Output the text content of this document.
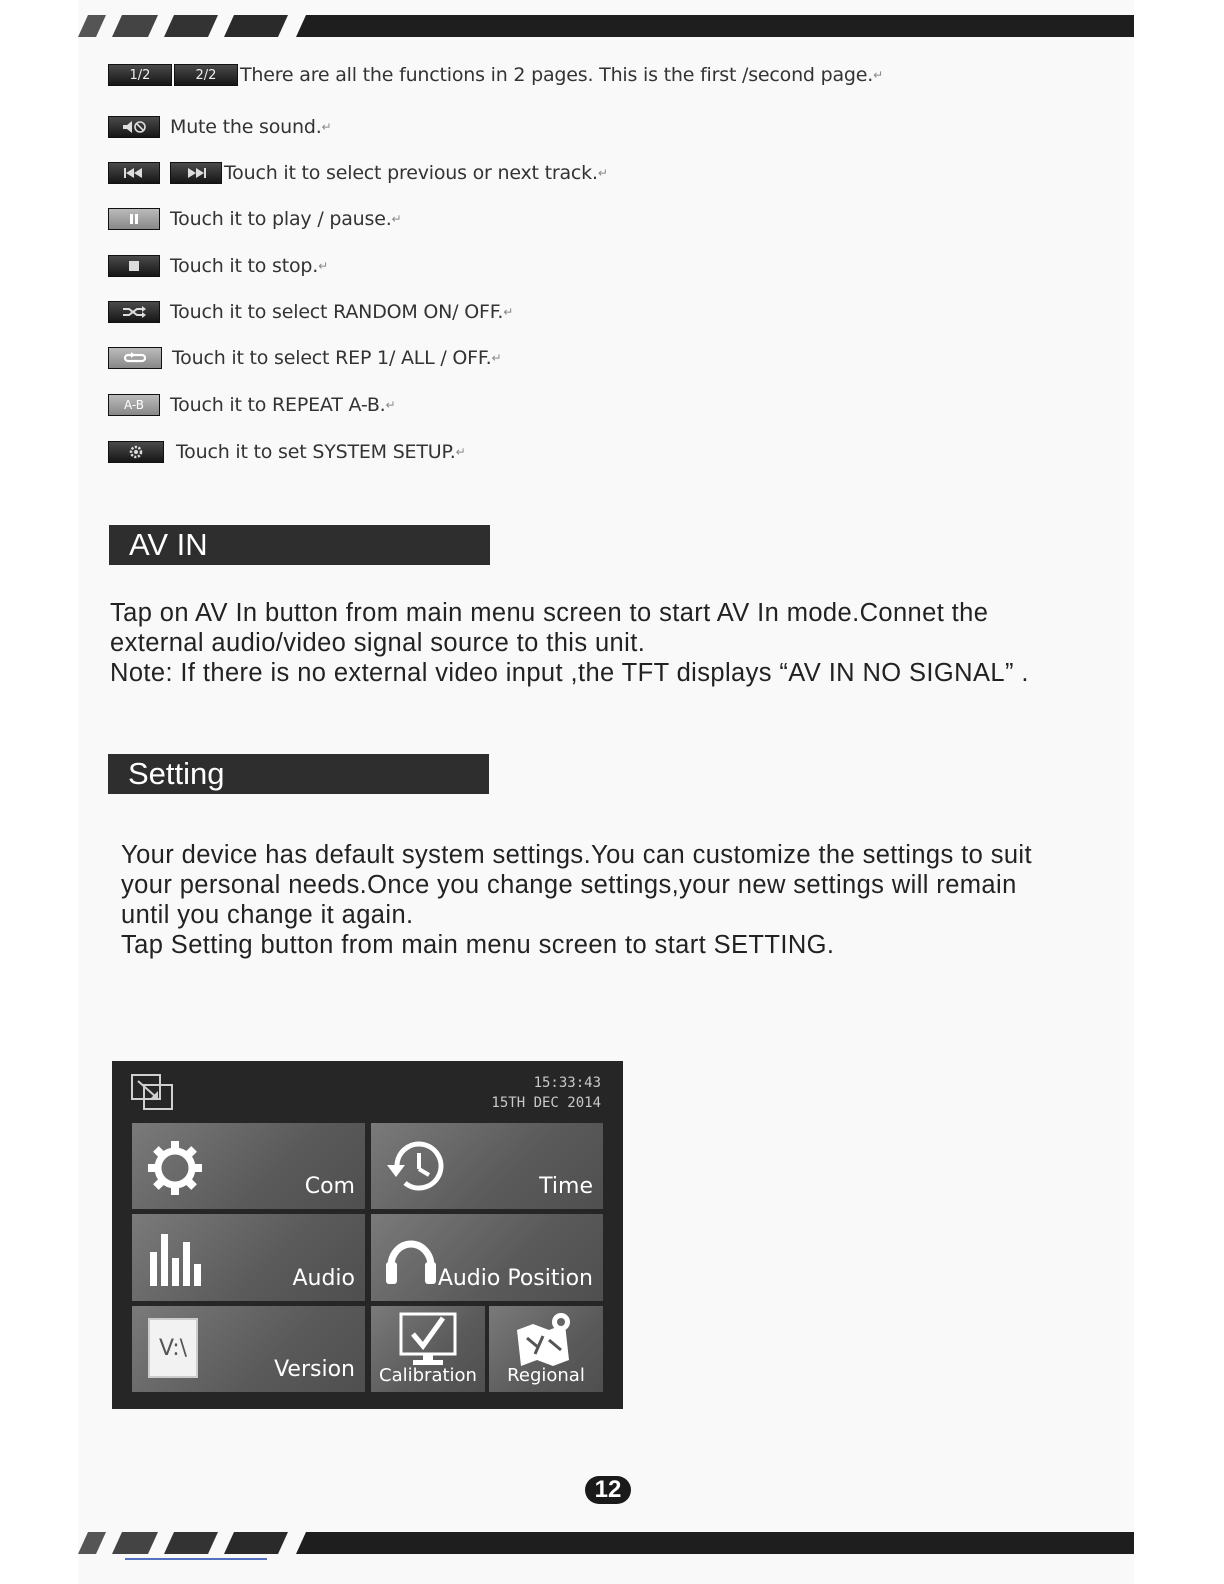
1/2	2/2	There are all the functions in 2 pages. This is the first /second page. ↵
Mute the sound. ↵
Touch it to select previous or next track. ↵
Touch it to play / pause. ↵
Touch it to stop. ↵
Touch it to select RANDOM ON/ OFF. ↵
Touch it to select REP 1/ ALL / OFF. ↵
A-B	Touch it to REPEAT A-B. ↵
Touch it to set SYSTEM SETUP. ↵
AV IN
Tap on AV In button from main menu screen to start AV In mode.Connet the
external audio/video signal source to this unit.
Note: If there is no external video input ,the TFT displays “AV IN NO SIGNAL” .
Setting
Your device has default system settings.You can customize the settings to suit
your personal needs.Once you change settings,your new settings will remain
until you change it again.
Tap Setting button from main menu screen to start SETTING.
15:33:43
15TH DEC 2014
Com	Time
Audio	Audio Position
V:\
Version	Calibration	Regional
12
